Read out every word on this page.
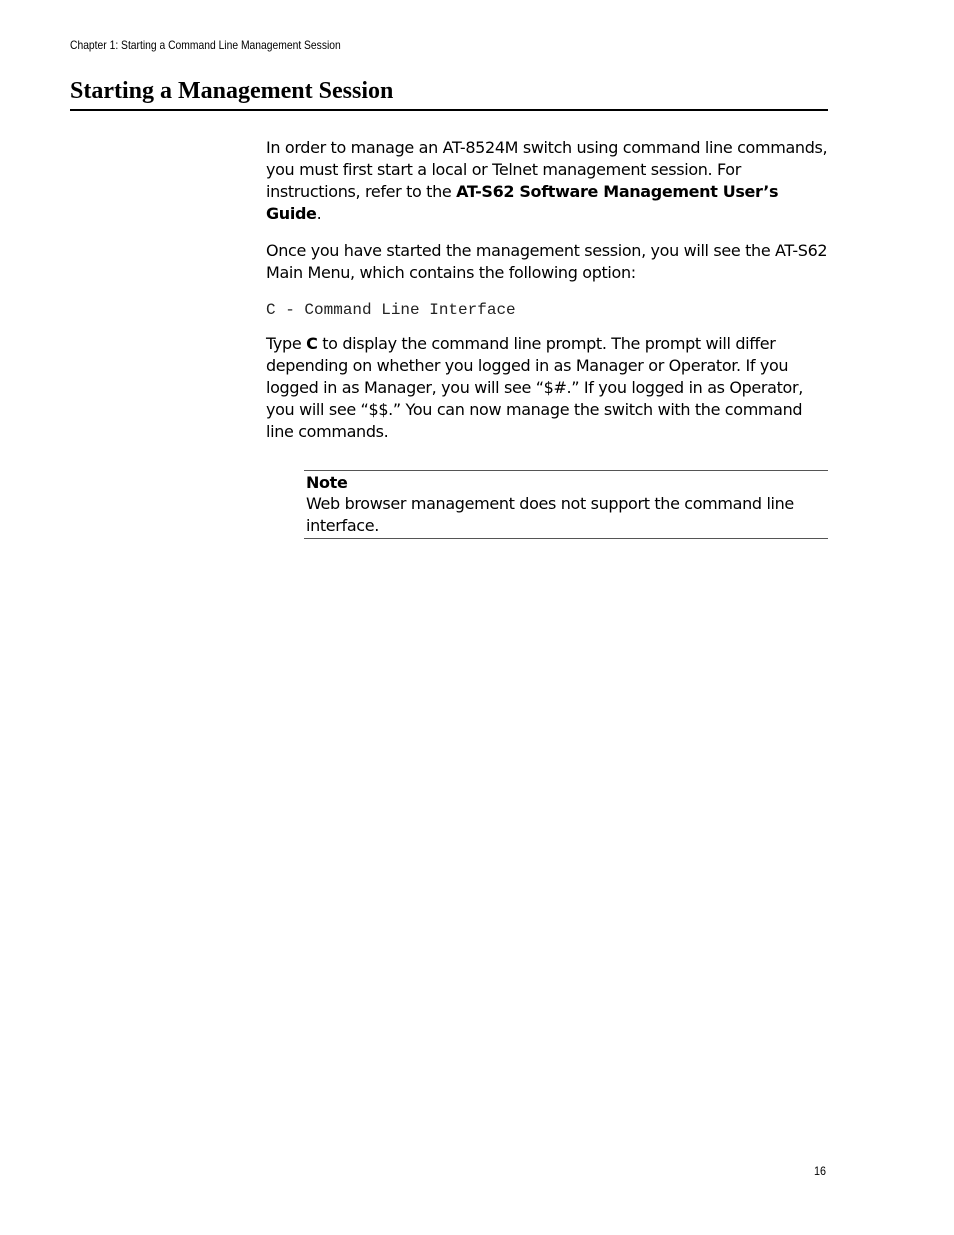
Chapter 1: Starting a Command Line Management Session
Starting a Management Session

In order to manage an AT-8524M switch using command line commands, you must first start a local or Telnet management session. For instructions, refer to the AT-S62 Software Management User’s Guide.

Once you have started the management session, you will see the AT-S62 Main Menu, which contains the following option:

C - Command Line Interface

Type C to display the command line prompt. The prompt will differ depending on whether you logged in as Manager or Operator. If you logged in as Manager, you will see “$#.” If you logged in as Operator, you will see “$$.” You can now manage the switch with the command line commands.

Note
Web browser management does not support the command line interface.
16
